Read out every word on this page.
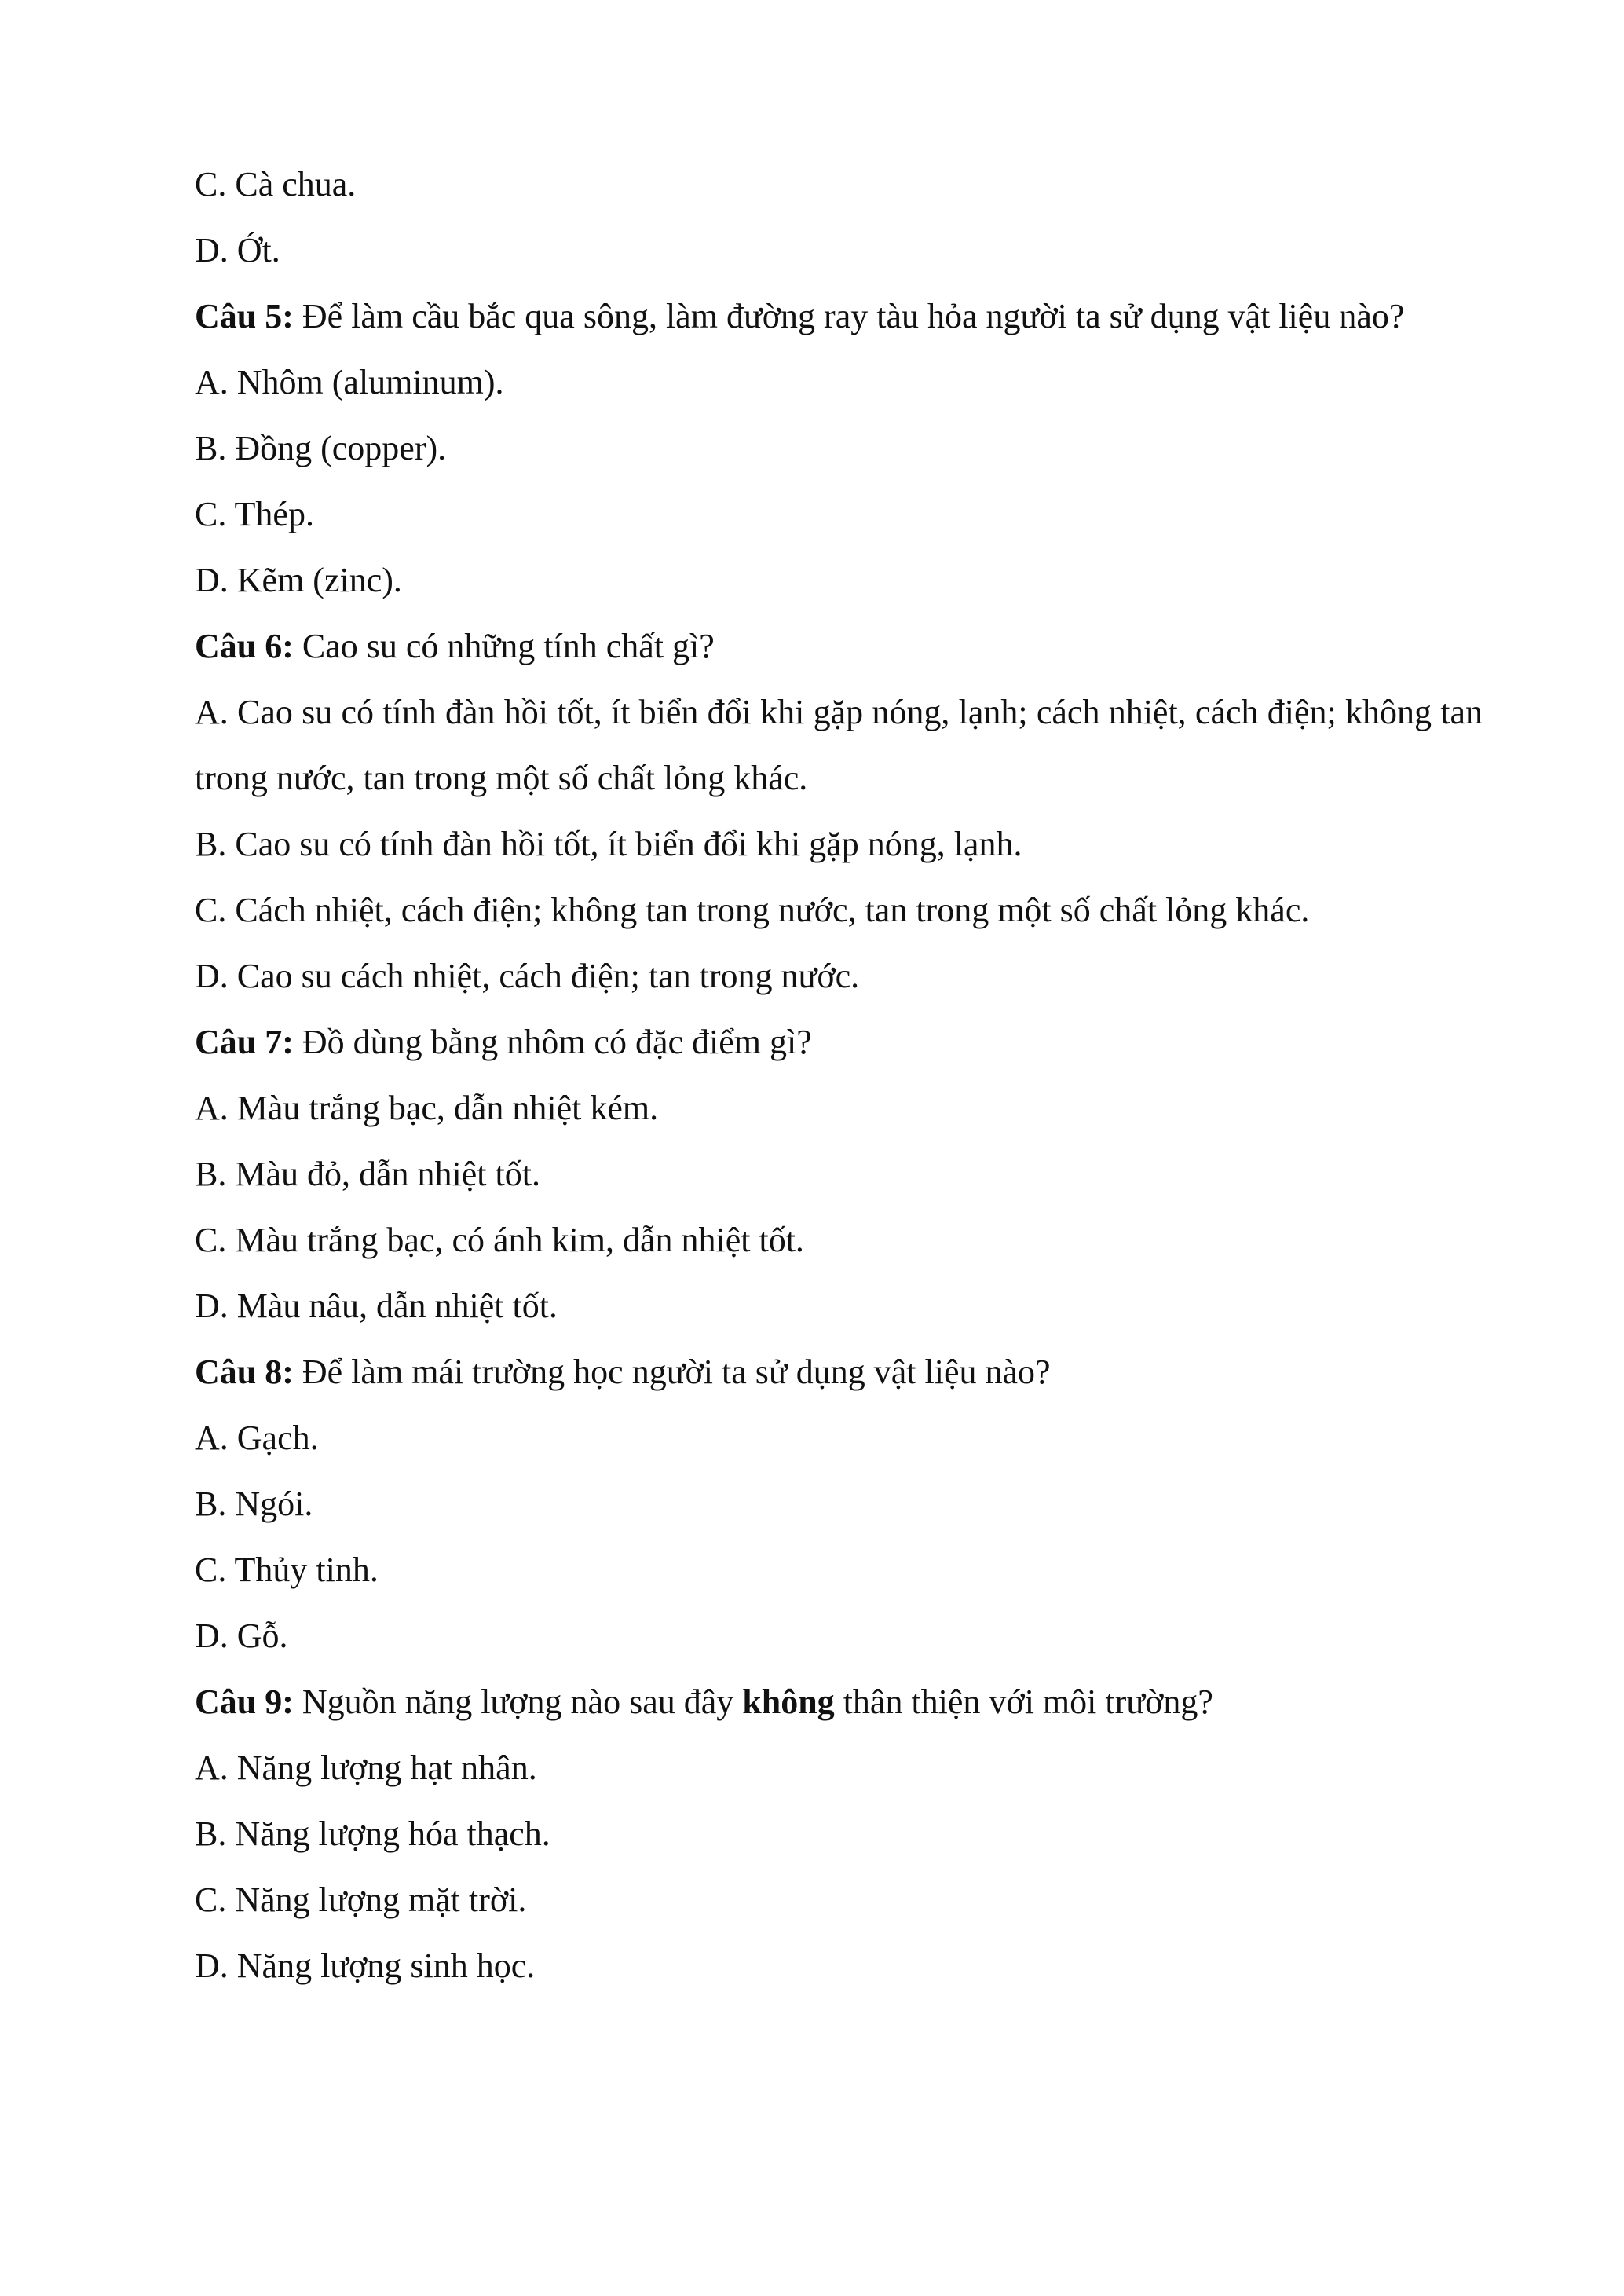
C. Cà chua.

D. Ớt.

Câu 5: Để làm cầu bắc qua sông, làm đường ray tàu hỏa người ta sử dụng vật liệu nào?

A. Nhôm (aluminum).

B. Đồng (copper).

C. Thép.

D. Kẽm (zinc).

Câu 6: Cao su có những tính chất gì?

A. Cao su có tính đàn hồi tốt, ít biển đổi khi gặp nóng, lạnh; cách nhiệt, cách điện; không tan trong nước, tan trong một số chất lỏng khác.

B. Cao su có tính đàn hồi tốt, ít biển đổi khi gặp nóng, lạnh.

C. Cách nhiệt, cách điện; không tan trong nước, tan trong một số chất lỏng khác.

D. Cao su cách nhiệt, cách điện; tan trong nước.

Câu 7: Đồ dùng bằng nhôm có đặc điểm gì?

A. Màu trắng bạc, dẫn nhiệt kém.

B. Màu đỏ, dẫn nhiệt tốt.

C. Màu trắng bạc, có ánh kim, dẫn nhiệt tốt.

D. Màu nâu, dẫn nhiệt tốt.

Câu 8: Để làm mái trường học người ta sử dụng vật liệu nào?

A. Gạch.

B. Ngói.

C. Thủy tinh.

D. Gỗ.

Câu 9: Nguồn năng lượng nào sau đây không thân thiện với môi trường?

A. Năng lượng hạt nhân.

B. Năng lượng hóa thạch.

C. Năng lượng mặt trời.

D. Năng lượng sinh học.
